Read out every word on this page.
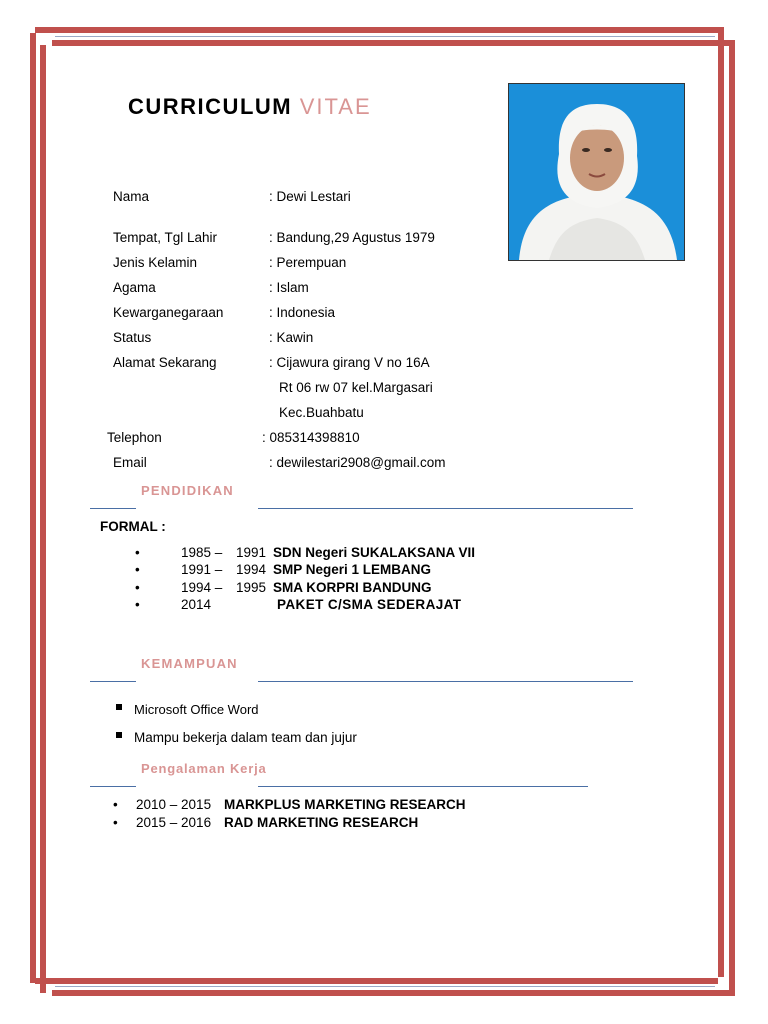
CURRICULUM VITAE
Nama	: Dewi Lestari
Tempat, Tgl Lahir	: Bandung,29 Agustus 1979
Jenis Kelamin	: Perempuan
Agama	: Islam
Kewarganegaraan	: Indonesia
Status	: Kawin
Alamat Sekarang	: Cijawura girang V no 16A
Rt 06 rw 07 kel.Margasari
Kec.Buahbatu
Telephon	: 085314398810
Email	: dewilestari2908@gmail.com
PENDIDIKAN
FORMAL :
•	1985 – 1991 SDN Negeri SUKALAKSANA VII
•	1991 – 1994 SMP Negeri 1 LEMBANG
•	1994 – 1995 SMA KORPRI BANDUNG
•	2014	PAKET C/SMA SEDERAJAT
KEMAMPUAN
Microsoft Office Word
Mampu bekerja dalam team dan jujur
Pengalaman Kerja
• 2010 – 2015 MARKPLUS MARKETING RESEARCH
• 2015 – 2016 RAD MARKETING RESEARCH
